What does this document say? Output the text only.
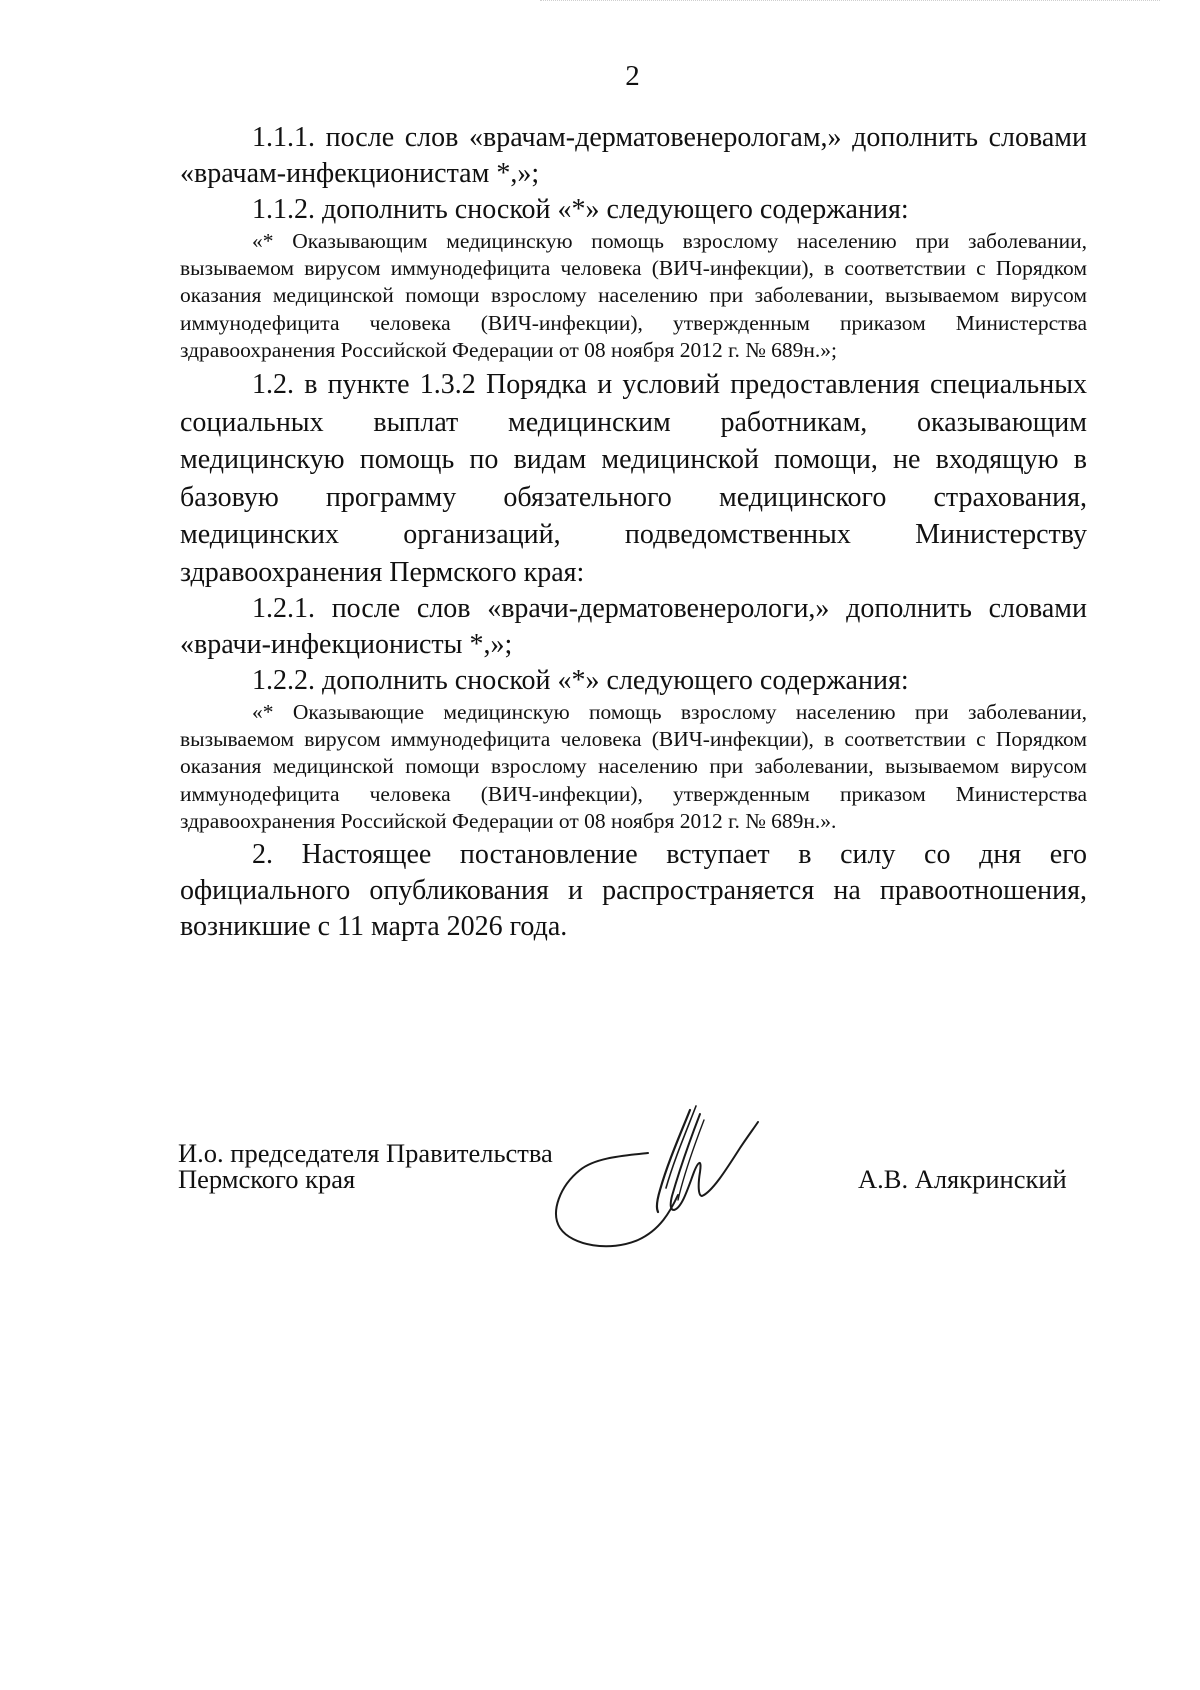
2

1.1.1. после слов «врачам-дерматовенерологам,» дополнить словами «врачам-инфекционистам *,»;

1.1.2. дополнить сноской «*» следующего содержания:

«* Оказывающим медицинскую помощь взрослому населению при заболевании, вызываемом вирусом иммунодефицита человека (ВИЧ-инфекции), в соответствии с Порядком оказания медицинской помощи взрослому населению при заболевании, вызываемом вирусом иммунодефицита человека (ВИЧ-инфекции), утвержденным приказом Министерства здравоохранения Российской Федерации от 08 ноября 2012 г. № 689н.»;

1.2. в пункте 1.3.2 Порядка и условий предоставления специальных социальных выплат медицинским работникам, оказывающим медицинскую помощь по видам медицинской помощи, не входящую в базовую программу обязательного медицинского страхования, медицинских организаций, подведомственных Министерству здравоохранения Пермского края:

1.2.1. после слов «врачи-дерматовенерологи,» дополнить словами «врачи-инфекционисты *,»;

1.2.2. дополнить сноской «*» следующего содержания:

«* Оказывающие медицинскую помощь взрослому населению при заболевании, вызываемом вирусом иммунодефицита человека (ВИЧ-инфекции), в соответствии с Порядком оказания медицинской помощи взрослому населению при заболевании, вызываемом вирусом иммунодефицита человека (ВИЧ-инфекции), утвержденным приказом Министерства здравоохранения Российской Федерации от 08 ноября 2012 г. № 689н.».

2. Настоящее постановление вступает в силу со дня его официального опубликования и распространяется на правоотношения, возникшие с 11 марта 2026 года.

И.о. председателя Правительства
Пермского края	А.В. Алякринский
